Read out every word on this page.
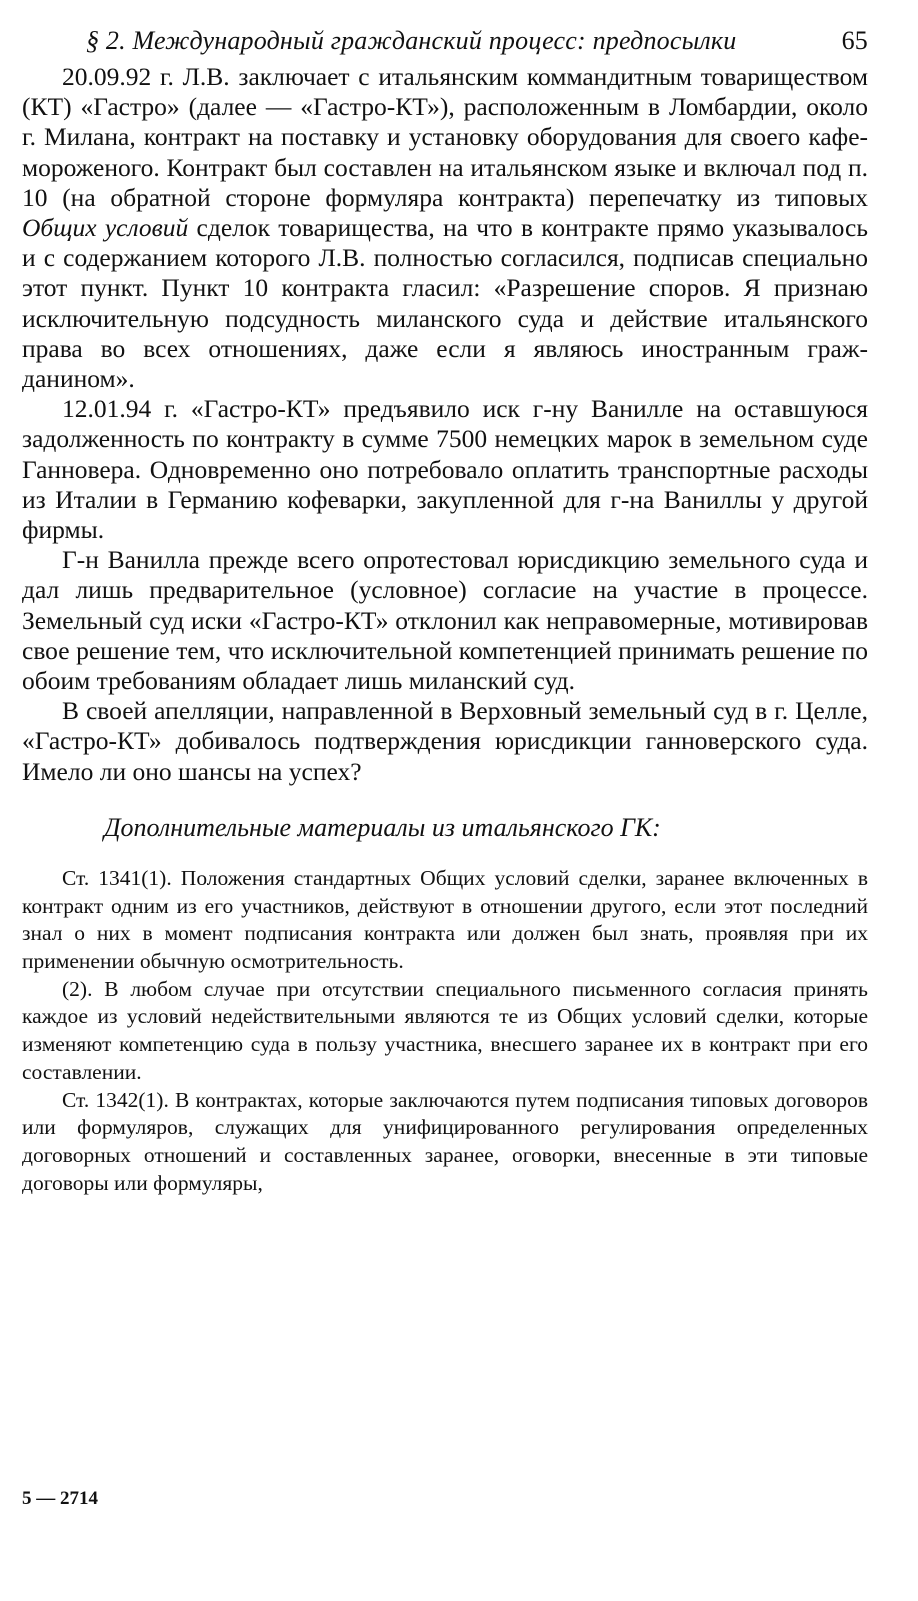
§ 2. Международный гражданский процесс: предпосылки	65

20.09.92 г. Л.В. заключает с итальянским коммандитным товариществом (КТ) «Гастро» (далее — «Гастро-КТ»), расположенным в Ломбардии, около г. Милана, контракт на поставку и установку оборудования для своего кафе-мороженого. Контракт был составлен на итальянском языке и включал под п. 10 (на обратной стороне формуляра контракта) перепечатку из типовых Общих условий сделок товарищества, на что в контракте прямо указывалось и с содержанием которого Л.В. полностью согласился, подписав специально этот пункт. Пункт 10 контракта гласил: «Разрешение споров. Я признаю исключительную подсудность миланского суда и действие итальянского права во всех отношениях, даже если я являюсь иностранным гражданином».

12.01.94 г. «Гастро-КТ» предъявило иск г-ну Ванилле на оставшуюся задолженность по контракту в сумме 7500 немецких марок в земельном суде Ганновера. Одновременно оно потребовало оплатить транспортные расходы из Италии в Германию кофеварки, закупленной для г-на Ваниллы у другой фирмы.

Г-н Ванилла прежде всего опротестовал юрисдикцию земельного суда и дал лишь предварительное (условное) согласие на участие в процессе. Земельный суд иски «Гастро-КТ» отклонил как неправомерные, мотивировав свое решение тем, что исключительной компетенцией принимать решение по обоим требованиям обладает лишь миланский суд.

В своей апелляции, направленной в Верховный земельный суд в г. Целле, «Гастро-КТ» добивалось подтверждения юрисдикции ганноверского суда. Имело ли оно шансы на успех?

Дополнительные материалы из итальянского ГК:

Ст. 1341(1). Положения стандартных Общих условий сделки, заранее включенных в контракт одним из его участников, действуют в отношении другого, если этот последний знал о них в момент подписания контракта или должен был знать, проявляя при их применении обычную осмотрительность.

(2). В любом случае при отсутствии специального письменного согласия принять каждое из условий недействительными являются те из Общих условий сделки, которые изменяют компетенцию суда в пользу участника, внесшего заранее их в контракт при его составлении.

Ст. 1342(1). В контрактах, которые заключаются путем подписания типовых договоров или формуляров, служащих для унифицированного регулирования определенных договорных отношений и составленных заранее, оговорки, внесенные в эти типовые договоры или формуляры,

5 — 2714
